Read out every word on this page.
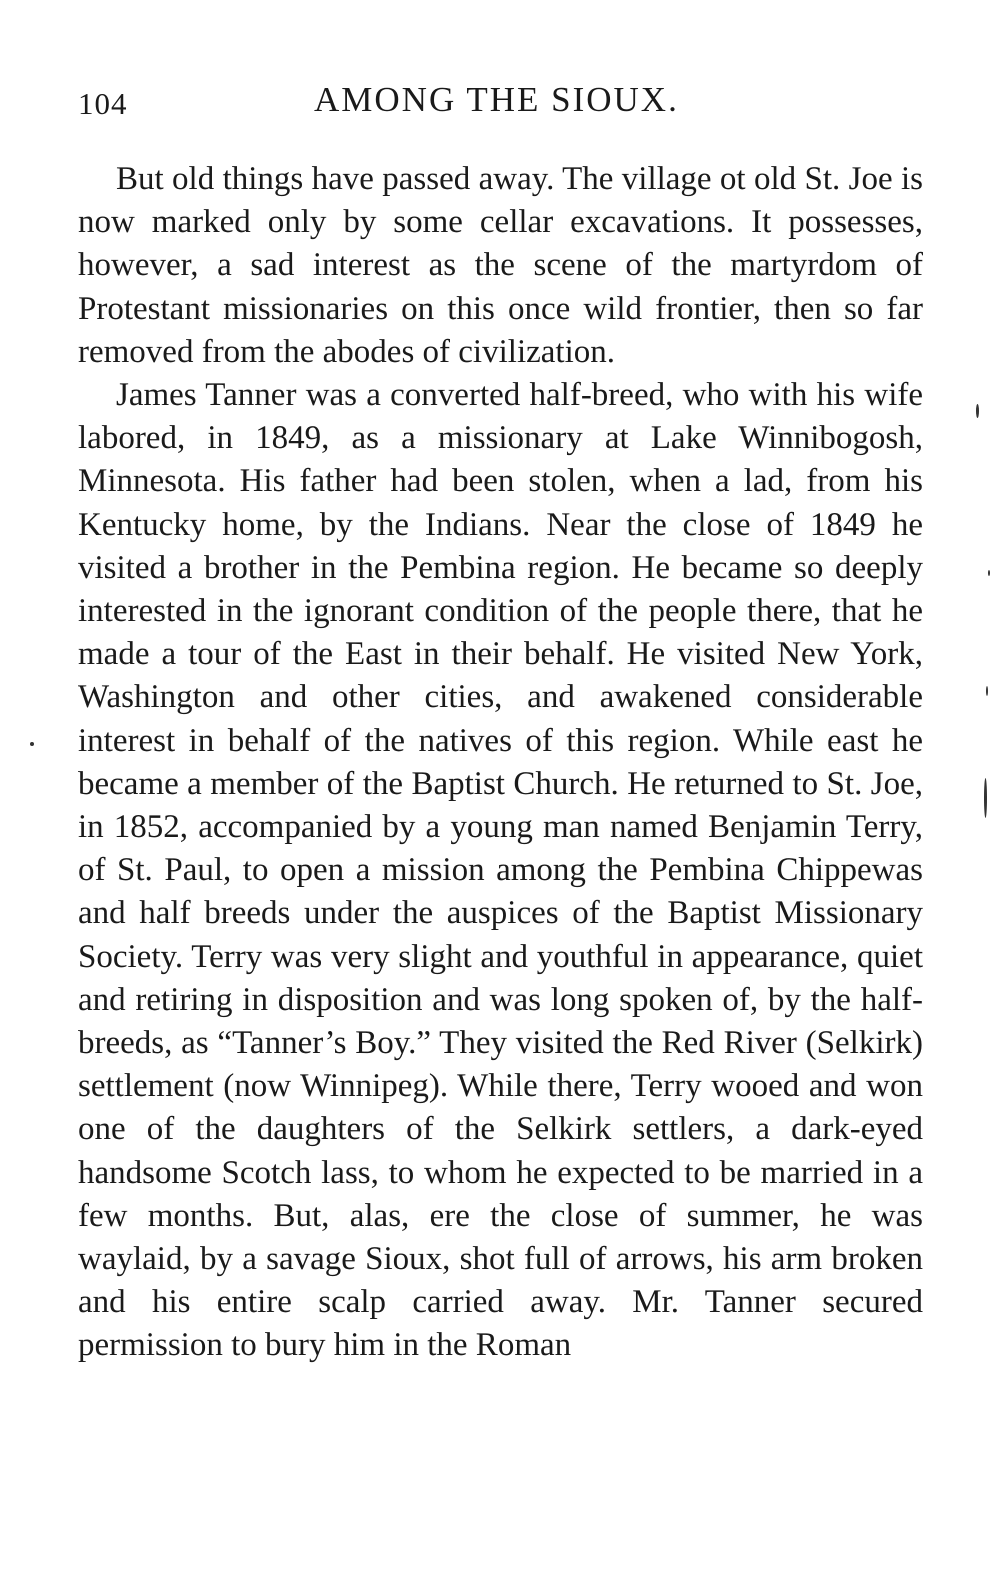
104	AMONG THE SIOUX.

But old things have passed away. The village ot old St. Joe is now marked only by some cellar excavations. It possesses, however, a sad interest as the scene of the martyrdom of Protestant missionaries on this once wild frontier, then so far removed from the abodes of civilization.

James Tanner was a converted half-breed, who with his wife labored, in 1849, as a missionary at Lake Winnibogosh, Minnesota. His father had been stolen, when a lad, from his Kentucky home, by the Indians. Near the close of 1849 he visited a brother in the Pembina region. He became so deeply interested in the ignorant condition of the people there, that he made a tour of the East in their behalf. He visited New York, Washington and other cities, and awakened considerable interest in behalf of the natives of this region. While east he became a member of the Baptist Church. He returned to St. Joe, in 1852, accompanied by a young man named Benjamin Terry, of St. Paul, to open a mission among the Pembina Chippewas and half breeds under the auspices of the Baptist Missionary Society. Terry was very slight and youthful in appearance, quiet and retiring in disposition and was long spoken of, by the half-breeds, as “Tanner’s Boy.” They visited the Red River (Selkirk) settlement (now Winnipeg). While there, Terry wooed and won one of the daughters of the Selkirk settlers, a dark-eyed handsome Scotch lass, to whom he expected to be married in a few months. But, alas, ere the close of summer, he was waylaid, by a savage Sioux, shot full of arrows, his arm broken and his entire scalp carried away. Mr. Tanner secured permission to bury him in the Roman
